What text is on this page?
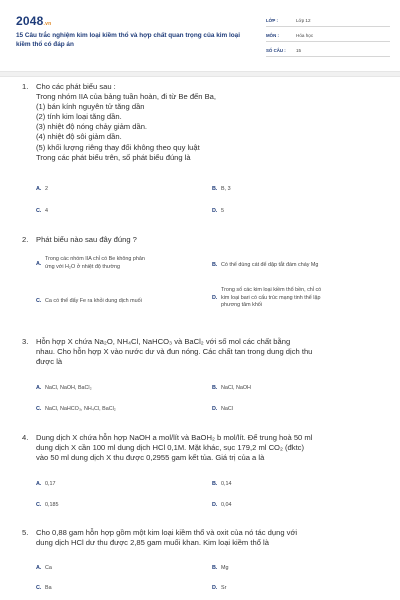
2048.vn
15 Câu trắc nghiệm kim loại kiềm thổ và hợp chất quan trọng của kim loại kiềm thổ có đáp án
LỚP :	Lớp 12
MÔN :	Hóa học
SỐ CÂU :	15
1. Cho các phát biểu sau :
Trong nhóm IIA của bảng tuần hoàn, đi từ Be đến Ba,
(1) bán kính nguyên tử tăng dần
(2) tính kim loại tăng dần.
(3) nhiệt độ nóng chảy giảm dần.
(4) nhiệt độ sôi giảm dần.
(5) khối lượng riêng thay đổi không theo quy luật
Trong các phát biểu trên, số phát biểu đúng là
A. 2	B. B, 3
C. 4	D. 5
2. Phát biểu nào sau đây đúng ?
A.
Trong các nhóm IIA chỉ có Be không phản
ứng với H₂O ở nhiệt độ thường	B. Có thể dùng cát để dập tắt đám cháy Mg
C. Ca có thể đẩy Fe ra khỏi dung dịch muối	D.
Trong số các kim loại kiềm thổ bền, chỉ có
kim loại bari có cấu trúc mạng tinh thể lập
phương tâm khối
3. Hỗn hợp X chứa Na₂O, NH₄Cl, NaHCO₃ và BaCl₂ với số mol các chất bằng
nhau. Cho hỗn hợp X vào nước dư và đun nóng. Các chất tan trong dung dịch thu
được là
A. NaCl, NaOH, BaCl₂	B. NaCl, NaOH
C. NaCl, NaHCO₃, NH₄Cl, BaCl₂	D. NaCl
4. Dung dịch X chứa hỗn hợp NaOH a mol/lít và BaOH₂ b mol/lít. Để trung hoà 50 ml
dung dịch X cần 100 ml dung dịch HCl 0,1M. Mặt khác, sục 179,2 ml CO₂ (đktc)
vào 50 ml dung dịch X thu được 0,2955 gam kết tủa. Giá trị của a là
A. 0,17	B. 0,14
C. 0,185	D. 0,04
5. Cho 0,88 gam hỗn hợp gồm một kim loại kiềm thổ và oxit của nó tác dụng với
dung dịch HCl dư thu được 2,85 gam muối khan. Kim loại kiềm thổ là
A. Ca	B. Mg
C. Ba	D. Sr
